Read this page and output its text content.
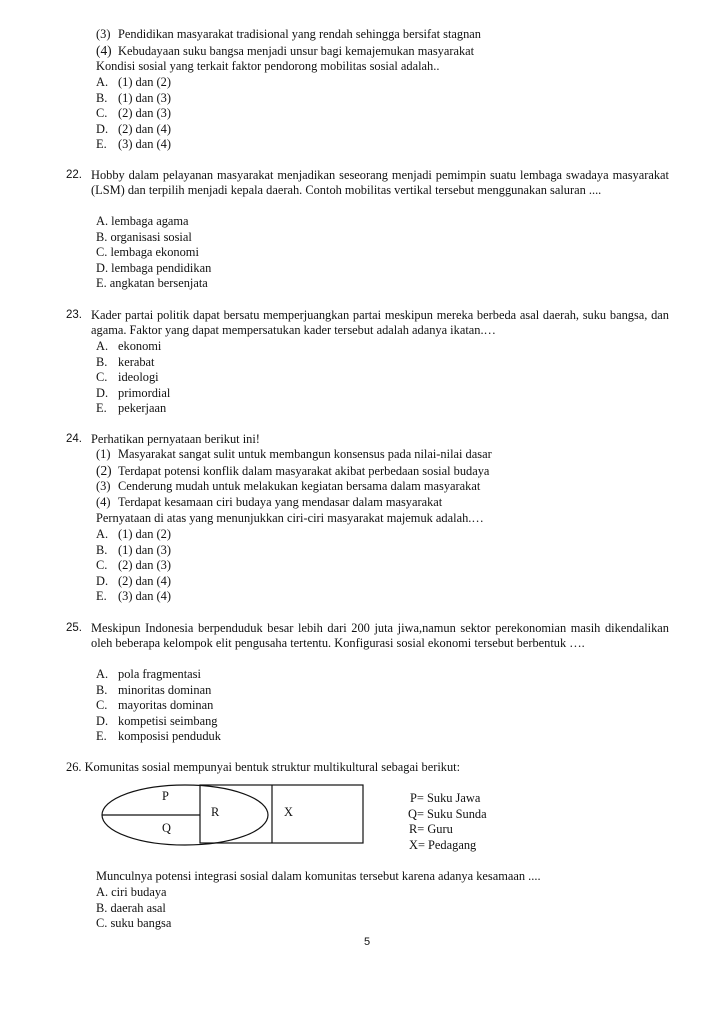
(3) Pendidikan masyarakat tradisional yang rendah sehingga bersifat stagnan
(4) Kebudayaan suku bangsa menjadi unsur bagi kemajemukan masyarakat
Kondisi sosial yang terkait faktor pendorong mobilitas sosial adalah..
A. (1) dan (2)
B. (1) dan (3)
C. (2) dan (3)
D. (2) dan (4)
E. (3) dan (4)
22. Hobby dalam pelayanan masyarakat menjadikan seseorang menjadi pemimpin suatu lembaga swadaya masyarakat (LSM) dan terpilih menjadi kepala daerah. Contoh mobilitas vertikal tersebut menggunakan saluran ....
A. lembaga agama
B. organisasi sosial
C. lembaga ekonomi
D. lembaga pendidikan
E. angkatan bersenjata
23. Kader partai politik dapat bersatu memperjuangkan partai meskipun mereka berbeda asal daerah, suku bangsa, dan agama. Faktor yang dapat mempersatukan kader tersebut adalah adanya ikatan.…
A. ekonomi
B. kerabat
C. ideologi
D. primordial
E. pekerjaan
24. Perhatikan pernyataan berikut ini!
(1) Masyarakat sangat sulit untuk membangun konsensus pada nilai-nilai dasar
(2) Terdapat potensi konflik dalam masyarakat akibat perbedaan sosial budaya
(3) Cenderung mudah untuk melakukan kegiatan bersama dalam masyarakat
(4) Terdapat kesamaan ciri budaya yang mendasar dalam masyarakat
Pernyataan di atas yang menunjukkan ciri-ciri masyarakat majemuk adalah.…
A. (1) dan (2)
B. (1) dan (3)
C. (2) dan (3)
D. (2) dan (4)
E. (3) dan (4)
25. Meskipun Indonesia berpenduduk besar lebih dari 200 juta jiwa,namun sektor perekonomian masih dikendalikan oleh beberapa kelompok elit pengusaha tertentu. Konfigurasi sosial ekonomi tersebut berbentuk ….
A. pola fragmentasi
B. minoritas dominan
C. mayoritas dominan
D. kompetisi seimbang
E. komposisi penduduk
26. Komunitas sosial mempunyai bentuk struktur multikultural sebagai berikut:
P
Q
R	X
P= Suku Jawa
Q= Suku Sunda
R= Guru
X= Pedagang
Munculnya potensi integrasi sosial dalam komunitas tersebut karena adanya kesamaan ....
A. ciri budaya
B. daerah asal
C. suku bangsa
5
